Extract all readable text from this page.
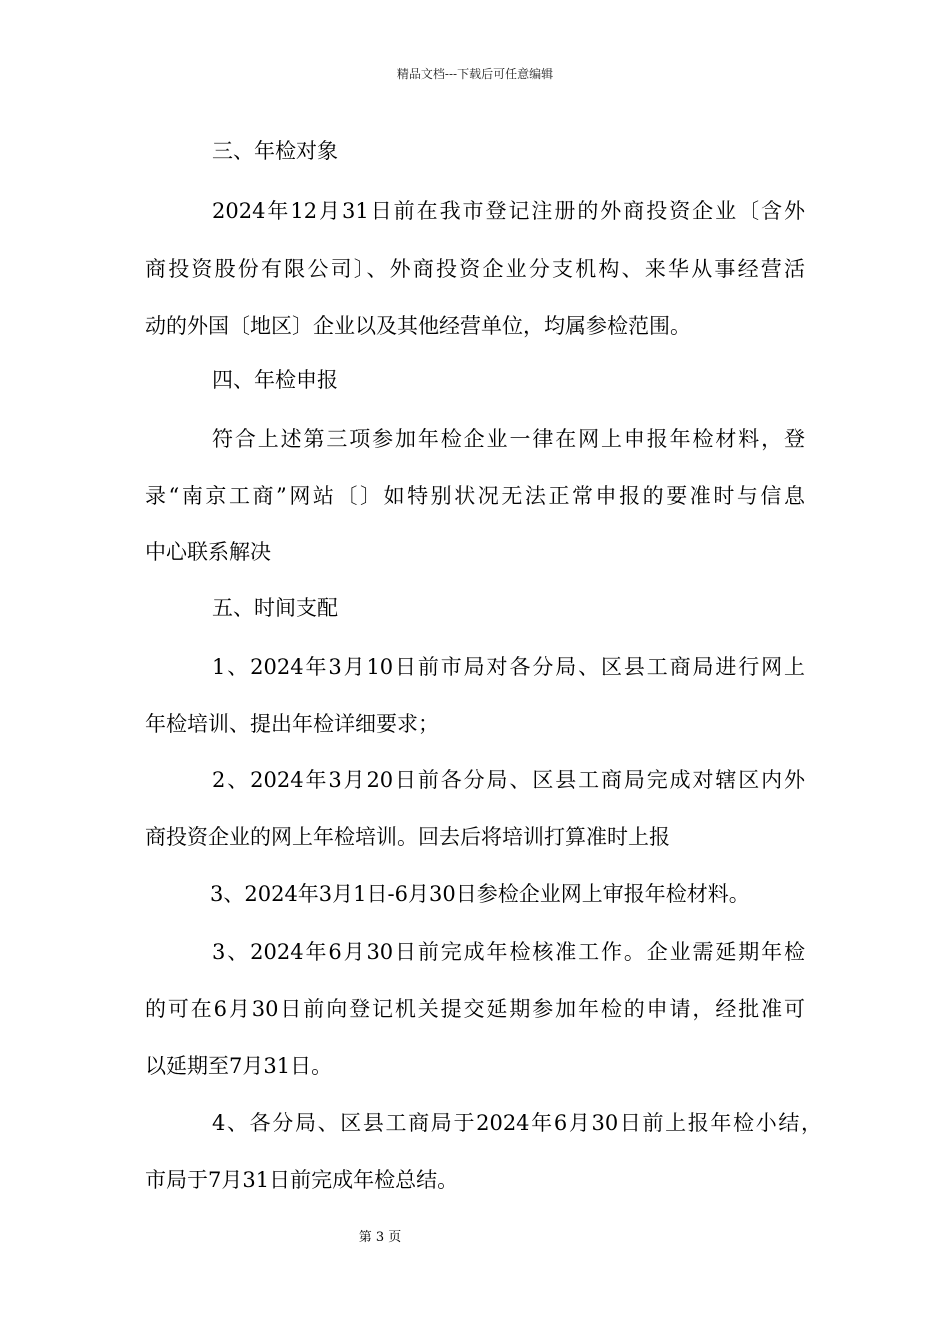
精品文档---下载后可任意编辑
三、年检对象
2024年12月31日前在我市登记注册的外商投资企业〔含外
商投资股份有限公司〕、外商投资企业分支机构、来华从事经营活
动的外国〔地区〕企业以及其他经营单位，均属参检范围。
四、年检申报
符合上述第三项参加年检企业一律在网上申报年检材料，登
录“南京工商”网站〔〕如特别状况无法正常申报的要准时与信息
中心联系解决
五、时间支配
1、2024年3月10日前市局对各分局、区县工商局进行网上
年检培训、提出年检详细要求；
2、2024年3月20日前各分局、区县工商局完成对辖区内外
商投资企业的网上年检培训。回去后将培训打算准时上报
3、2024年3月1日-6月30日参检企业网上审报年检材料。
3、2024年6月30日前完成年检核准工作。企业需延期年检
的可在6月30日前向登记机关提交延期参加年检的申请，经批准可
以延期至7月31日。
4、各分局、区县工商局于2024年6月30日前上报年检小结，
市局于7月31日前完成年检总结。
第 3 页
